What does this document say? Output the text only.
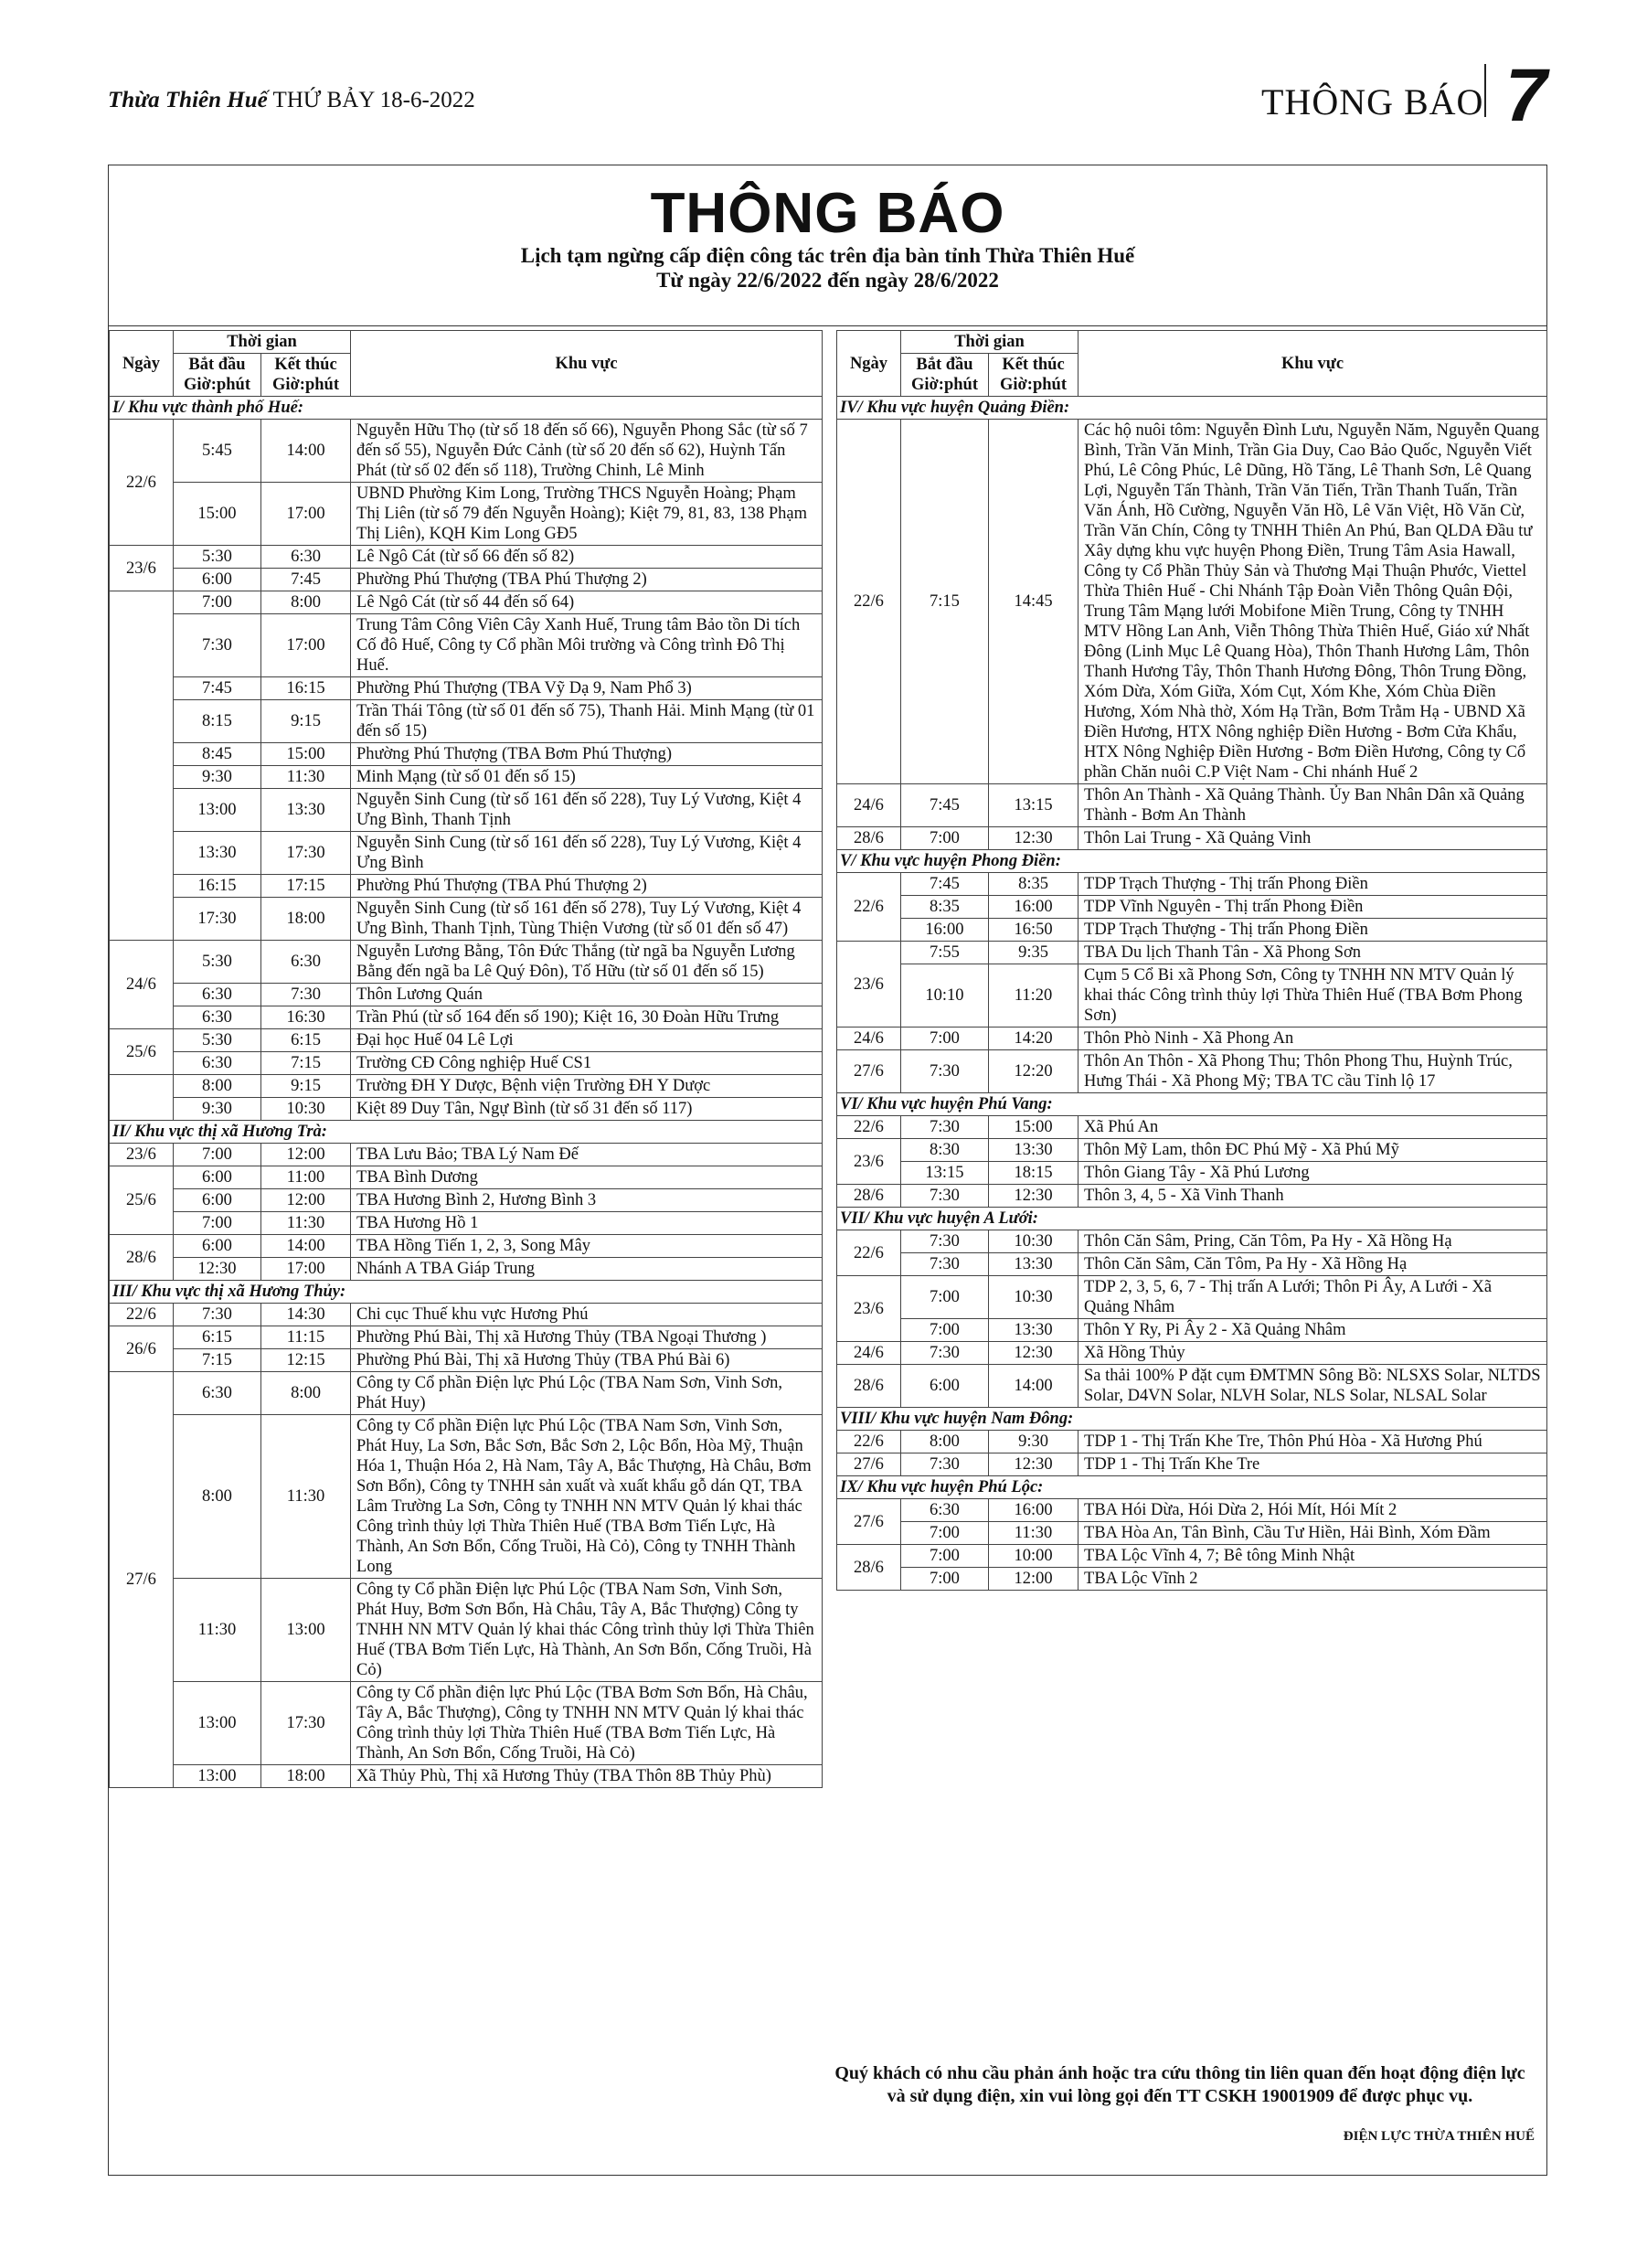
Thừa Thiên Huế THỨ BẢY 18-6-2022	THÔNG BÁO 7
THÔNG BÁO
Lịch tạm ngừng cấp điện công tác trên địa bàn tỉnh Thừa Thiên Huế
Từ ngày 22/6/2022 đến ngày 28/6/2022
Ngày	Thời gian		Khu vực
	Bắt đầu Giờ:phút	Kết thúc Giờ:phút	
I/ Khu vực thành phố Huế:			
22/6	5:45	14:00	Nguyễn Hữu Thọ (từ số 18 đến số 66), Nguyễn Phong Sắc (từ số 7 đến số 55), Nguyễn Đức Cảnh (từ số 20 đến số 62), Huỳnh Tấn Phát (từ số 02 đến số 118), Trường Chinh, Lê Minh
	15:00	17:00	UBND Phường Kim Long, Trường THCS Nguyễn Hoàng; Phạm Thị Liên (từ số 79 đến Nguyễn Hoàng); Kiệt 79, 81, 83, 138 Phạm Thị Liên), KQH Kim Long GĐ5
23/6	5:30	6:30	Lê Ngô Cát (từ số 66 đến số 82)
	6:00	7:45	Phường Phú Thượng (TBA Phú Thượng 2)
	7:00	8:00	Lê Ngô Cát (từ số 44 đến số 64)
	7:30	17:00	Trung Tâm Công Viên Cây Xanh Huế, Trung tâm Bảo tồn Di tích Cố đô Huế, Công ty Cổ phần Môi trường và Công trình Đô Thị Huế.
	7:45	16:15	Phường Phú Thượng (TBA Vỹ Dạ 9, Nam Phổ 3)
	8:15	9:15	Trần Thái Tông (từ số 01 đến số 75), Thanh Hải. Minh Mạng (từ 01 đến số 15)
	8:45	15:00	Phường Phú Thượng (TBA Bơm Phú Thượng)
	9:30	11:30	Minh Mạng (từ số 01 đến số 15)
	13:00	13:30	Nguyễn Sinh Cung (từ số 161 đến số 228), Tuy Lý Vương, Kiệt 4 Ưng Bình, Thanh Tịnh
	13:30	17:30	Nguyễn Sinh Cung (từ số 161 đến số 228), Tuy Lý Vương, Kiệt 4 Ưng Bình
	16:15	17:15	Phường Phú Thượng (TBA Phú Thượng 2)
	17:30	18:00	Nguyễn Sinh Cung (từ số 161 đến số 278), Tuy Lý Vương, Kiệt 4 Ưng Bình, Thanh Tịnh, Tùng Thiện Vương (từ số 01 đến số 47)
24/6	5:30	6:30	Nguyễn Lương Bằng, Tôn Đức Thắng (từ ngã ba Nguyễn Lương Bằng đến ngã ba Lê Quý Đôn), Tố Hữu (từ số 01 đến số 15)
	6:30	7:30	Thôn Lương Quán
	6:30	16:30	Trần Phú (từ số 164 đến số 190); Kiệt 16, 30 Đoàn Hữu Trưng
25/6	5:30	6:15	Đại học Huế 04 Lê Lợi
	6:30	7:15	Trường CĐ Công nghiệp Huế CS1
	8:00	9:15	Trường ĐH Y Dược, Bệnh viện Trường ĐH Y Dược
	9:30	10:30	Kiệt 89 Duy Tân, Ngự Bình (từ số 31 đến số 117)
II/ Khu vực thị xã Hương Trà:			
23/6	7:00	12:00	TBA Lưu Bảo; TBA Lý Nam Đế
25/6	6:00	11:00	TBA Bình Dương
	6:00	12:00	TBA Hương Bình 2, Hương Bình 3
	7:00	11:30	TBA Hương Hồ 1
28/6	6:00	14:00	TBA Hồng Tiến 1, 2, 3, Song Mây
	12:30	17:00	Nhánh A TBA Giáp Trung
III/ Khu vực thị xã Hương Thủy:			
22/6	7:30	14:30	Chi cục Thuế khu vực Hương Phú
26/6	6:15	11:15	Phường Phú Bài, Thị xã Hương Thủy (TBA Ngoại Thương )
	7:15	12:15	Phường Phú Bài, Thị xã Hương Thủy (TBA Phú Bài 6)
27/6	6:30	8:00	Công ty Cổ phần Điện lực Phú Lộc (TBA Nam Sơn, Vinh Sơn, Phát Huy)
	8:00	11:30	Công ty Cổ phần Điện lực Phú Lộc (TBA Nam Sơn, Vinh Sơn, Phát Huy, La Sơn, Bắc Sơn, Bắc Sơn 2, Lộc Bổn, Hòa Mỹ, Thuận Hóa 1, Thuận Hóa 2, Hà Nam, Tây A, Bắc Thượng, Hà Châu, Bơm Sơn Bổn), Công ty TNHH sản xuất và xuất khẩu gỗ dán QT, TBA Lâm Trường La Sơn, Công ty TNHH NN MTV Quản lý khai thác Công trình thủy lợi Thừa Thiên Huế (TBA Bơm Tiến Lực, Hà Thành, An Sơn Bổn, Cống Truồi, Hà Cỏ), Công ty TNHH Thành Long
	11:30	13:00	Công ty Cổ phần Điện lực Phú Lộc (TBA Nam Sơn, Vinh Sơn, Phát Huy, Bơm Sơn Bổn, Hà Châu, Tây A, Bắc Thượng) Công ty TNHH NN MTV Quản lý khai thác Công trình thủy lợi Thừa Thiên Huế (TBA Bơm Tiến Lực, Hà Thành, An Sơn Bổn, Cống Truồi, Hà Cỏ)
	13:00	17:30	Công ty Cổ phần điện lực Phú Lộc (TBA Bơm Sơn Bổn, Hà Châu, Tây A, Bắc Thượng), Công ty TNHH NN MTV Quản lý khai thác Công trình thủy lợi Thừa Thiên Huế (TBA Bơm Tiến Lực, Hà Thành, An Sơn Bổn, Cống Truồi, Hà Cỏ)
	13:00	18:00	Xã Thủy Phù, Thị xã Hương Thủy (TBA Thôn 8B Thủy Phù)
Ngày	Thời gian		Khu vực
	Bắt đầu Giờ:phút	Kết thúc Giờ:phút	
IV/ Khu vực huyện Quảng Điền:			
22/6	7:15	14:45	Các hộ nuôi tôm: Nguyễn Đình Lưu, Nguyễn Năm, Nguyễn Quang Bình, Trần Văn Minh, Trần Gia Duy, Cao Bảo Quốc, Nguyễn Viết Phú, Lê Công Phúc, Lê Dũng, Hồ Tăng, Lê Thanh Sơn, Lê Quang Lợi, Nguyễn Tấn Thành, Trần Văn Tiến, Trần Thanh Tuấn, Trần Văn Ánh, Hồ Cường, Nguyễn Văn Hồ, Lê Văn Việt, Hồ Văn Cừ, Trần Văn Chín, Công ty TNHH Thiên An Phú, Ban QLDA Đầu tư Xây dựng khu vực huyện Phong Điền, Trung Tâm Asia Hawall, Công ty Cổ Phần Thủy Sản và Thương Mại Thuận Phước, Viettel Thừa Thiên Huế - Chi Nhánh Tập Đoàn Viễn Thông Quân Đội, Trung Tâm Mạng lưới Mobifone Miền Trung, Công ty TNHH MTV Hồng Lan Anh, Viễn Thông Thừa Thiên Huế, Giáo xứ Nhất Đông (Linh Mục Lê Quang Hòa), Thôn Thanh Hương Lâm, Thôn Thanh Hương Tây, Thôn Thanh Hương Đông, Thôn Trung Đồng, Xóm Dừa, Xóm Giữa, Xóm Cụt, Xóm Khe, Xóm Chùa Điền Hương, Xóm Nhà thờ, Xóm Hạ Trần, Bơm Trằm Hạ - UBND Xã Điền Hương, HTX Nông nghiệp Điền Hương - Bơm Cửa Khẩu, HTX Nông Nghiệp Điền Hương - Bơm Điền Hương, Công ty Cổ phần Chăn nuôi C.P Việt Nam - Chi nhánh Huế 2
24/6	7:45	13:15	Thôn An Thành - Xã Quảng Thành. Ủy Ban Nhân Dân xã Quảng Thành - Bơm An Thành
28/6	7:00	12:30	Thôn Lai Trung - Xã Quảng Vinh
V/ Khu vực huyện Phong Điền:			
22/6	7:45	8:35	TDP Trạch Thượng - Thị trấn Phong Điền
	8:35	16:00	TDP Vĩnh Nguyên - Thị trấn Phong Điền
	16:00	16:50	TDP Trạch Thượng - Thị trấn Phong Điền
23/6	7:55	9:35	TBA Du lịch Thanh Tân - Xã Phong Sơn
	10:10	11:20	Cụm 5 Cổ Bi xã Phong Sơn, Công ty TNHH NN MTV Quản lý khai thác Công trình thủy lợi Thừa Thiên Huế (TBA Bơm Phong Sơn)
24/6	7:00	14:20	Thôn Phò Ninh - Xã Phong An
27/6	7:30	12:20	Thôn An Thôn - Xã Phong Thu; Thôn Phong Thu, Huỳnh Trúc, Hưng Thái - Xã Phong Mỹ; TBA TC cầu Tỉnh lộ 17
VI/ Khu vực huyện Phú Vang:			
22/6	7:30	15:00	Xã Phú An
23/6	8:30	13:30	Thôn Mỹ Lam, thôn ĐC Phú Mỹ - Xã Phú Mỹ
	13:15	18:15	Thôn Giang Tây - Xã Phú Lương
28/6	7:30	12:30	Thôn 3, 4, 5 - Xã Vinh Thanh
VII/ Khu vực huyện A Lưới:			
22/6	7:30	10:30	Thôn Căn Sâm, Pring, Căn Tôm, Pa Hy - Xã Hồng Hạ
	7:30	13:30	Thôn Căn Sâm, Căn Tôm, Pa Hy - Xã Hồng Hạ
23/6	7:00	10:30	TDP 2, 3, 5, 6, 7 - Thị trấn A Lưới; Thôn Pi Ây, A Lưới - Xã Quảng Nhâm
	7:00	13:30	Thôn Y Ry, Pi Ây 2 - Xã Quảng Nhâm
24/6	7:30	12:30	Xã Hồng Thủy
28/6	6:00	14:00	Sa thải 100% P đặt cụm ĐMTMN Sông Bồ: NLSXS Solar, NLTDS Solar, D4VN Solar, NLVH Solar, NLS Solar, NLSAL Solar
VIII/ Khu vực huyện Nam Đông:			
22/6	8:00	9:30	TDP 1 - Thị Trấn Khe Tre, Thôn Phú Hòa - Xã Hương Phú
27/6	7:30	12:30	TDP 1 - Thị Trấn Khe Tre
IX/ Khu vực huyện Phú Lộc:			
27/6	6:30	16:00	TBA Hói Dừa, Hói Dừa 2, Hói Mít, Hói Mít 2
	7:00	11:30	TBA Hòa An, Tân Bình, Cầu Tư Hiền, Hải Bình, Xóm Đầm
28/6	7:00	10:00	TBA Lộc Vĩnh 4, 7; Bê tông Minh Nhật
	7:00	12:00	TBA Lộc Vĩnh 2
Quý khách có nhu cầu phản ánh hoặc tra cứu thông tin liên quan đến hoạt động điện lực và sử dụng điện, xin vui lòng gọi đến TT CSKH 19001909 để được phục vụ.
ĐIỆN LỰC THỪA THIÊN HUẾ
